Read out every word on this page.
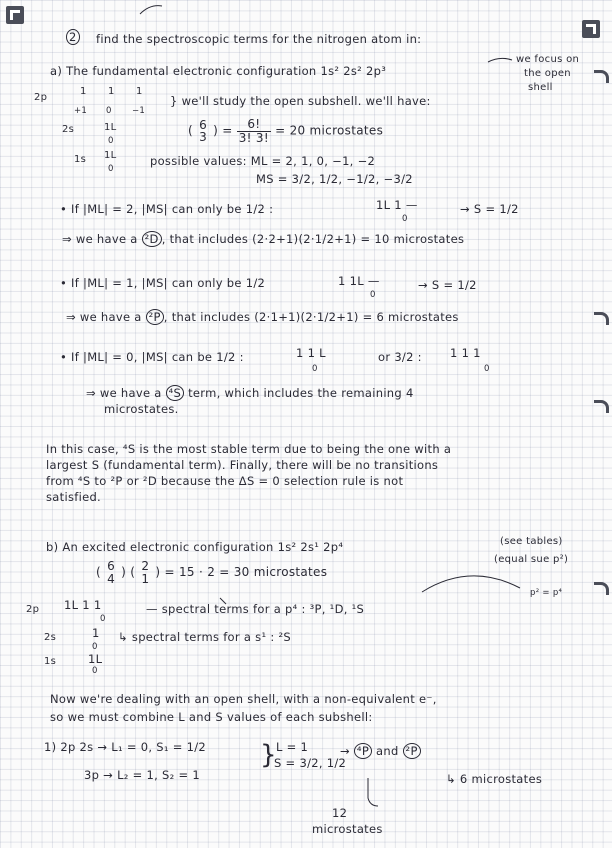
2 find the spectroscopic terms for the nitrogen atom in:
a) The fundamental electronic configuration 1s² 2s² 2p³
we focus on
the open
shell
2p
1 1 1
+1 0 −1
2s	1L
0
1s 1L
0
} we'll study the open subshell. we'll have:
( 6
3 ) = $\frac{6!}{3! 3!} = 20$ microstates
possible values: ML = 2, 1, 0, −1, −2
MS = 3/2, 1/2, −1/2, −3/2
• If |ML| = 2, |MS| can only be 1/2 :	1L 1 —
0
→ S = 1/2
⇒ we have a ²D , that includes (2·2+1)(2·1/2+1) = 10 microstates
• If |ML| = 1, |MS| can only be 1/2	1 1L —
0
→ S = 1/2
⇒ we have a ²P , that includes (2·1+1)(2·1/2+1) = 6 microstates
• If |ML| = 0, |MS| can be 1/2 :	1 1 L
0
or 3/2 : 1 1 1
0
⇒ we have a ⁴S term, which includes the remaining 4
microstates.
In this case, ⁴S is the most stable term due to being the one with a
largest S (fundamental term). Finally, there will be no transitions
from ⁴S to ²P or ²D because the ΔS = 0 selection rule is not
satisfied.
b) An excited electronic configuration 1s² 2s¹ 2p⁴	(see tables)
(equal sue p²)
p² = p⁴
( 6
4 ) ( 2
1 ) = 15 · 2 = 30 microstates
2p 1L 1 1
0
— spectral terms for a p⁴ : ³P, ¹D, ¹S
2s	1
0
↳ spectral terms for a s¹ : ²S
1s	1L
0
Now we're dealing with an open shell, with a non-equivalent e⁻,
so we must combine L and S values of each subshell:
1) 2p 2s → L₁ = 0, S₁ = 1/2
3p → L₂ = 1, S₂ = 1
} L = 1
S = 3/2, 1/2
→ ⁴P and ²P
↳ 6 microstates
12
microstates
